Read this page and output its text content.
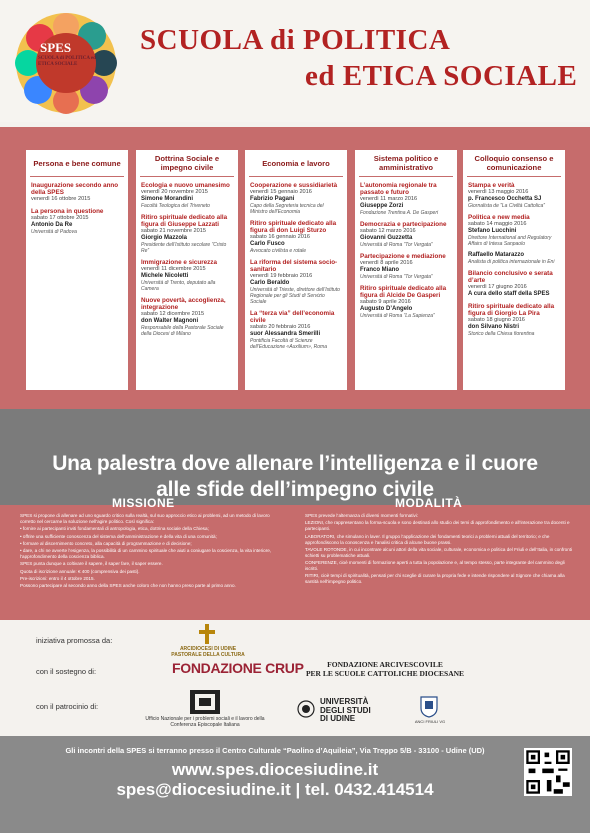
SPES
SCUOLA di POLITICA ed ETICA SOCIALE
SCUOLA di POLITICA
ed ETICA SOCIALE
Persona e bene comune
Inaugurazione secondo anno della SPES
venerdì 16 ottobre 2015
La persona in questione
sabato 17 ottobre 2015
Antonio Da Re
Università di Padova
Dottrina Sociale e impegno civile
Ecologia e nuovo umanesimo
venerdì 20 novembre 2015
Simone Morandini
Facoltà Teologica del Triveneto
Ritiro spirituale dedicato alla figura di Giuseppe Lazzati
sabato 21 novembre 2015
Giorgio Mazzola
Presidente dell’Istituto secolare “Cristo Re”
Immigrazione e sicurezza
venerdì 11 dicembre 2015
Michele Nicoletti
Università di Trento, deputato alla Camera
Nuove povertà, accoglienza, integrazione
sabato 12 dicembre 2015
don Walter Magnoni
Responsabile della Pastorale Sociale della Diocesi di Milano
Economia e lavoro
Cooperazione e sussidiarietà
venerdì 15 gennaio 2016
Fabrizio Pagani
Capo della Segreteria tecnica del Ministro dell’Economia
Ritiro spirituale dedicato alla figura di don Luigi Sturzo
sabato 16 gennaio 2016
Carlo Fusco
Avvocato civilista e rotale
La riforma del sistema socio-sanitario
venerdì 19 febbraio 2016
Carlo Beraldo
Università di Trieste, direttore dell’Istituto Regionale per gli Studi di Servizio Sociale
La “terza via” dell’economia civile
sabato 20 febbraio 2016
suor Alessandra Smerilli
Pontificia Facoltà di Scienze dell’Educazione «Auxilium», Roma
Sistema politico e amministrativo
L’autonomia regionale tra passato e futuro
venerdì 11 marzo 2016
Giuseppe Zorzi
Fondazione Trentina A. De Gasperi
Democrazia e partecipazione
sabato 12 marzo 2016
Giovanni Guzzetta
Università di Roma “Tor Vergata”
Partecipazione e mediazione
venerdì 8 aprile 2016
Franco Miano
Università di Roma “Tor Vergata”
Ritiro spirituale dedicato alla figura di Alcide De Gasperi
sabato 9 aprile 2016
Augusto D’Angelo
Università di Roma “La Sapienza”
Colloquio consenso e comunicazione
Stampa e verità
venerdì 13 maggio 2016
p. Francesco Occhetta SJ
Giornalista de “La Civiltà Cattolica”
Politica e new media
sabato 14 maggio 2016
Stefano Lucchini
Direttore International and Regulatory Affairs di Intesa Sanpaolo
Raffaello Matarazzo
Analista di politica internazionale in Eni
Bilancio conclusivo e serata d’arte
venerdì 17 giugno 2016
A cura dello staff della SPES
Ritiro spirituale dedicato alla figura di Giorgio La Pira
sabato 18 giugno 2016
don Silvano Nistri
Storico della Chiesa fiorentina
Una palestra dove allenare l’intelligenza e il cuore
alle sfide dell’impegno civile
MISSIONE	MODALITÀ

SPES si propone di allenare ad uno sguardo critico sulla realtà, sul suo approccio etico ai problemi, ad un metodo di lavoro corretto nel cercarne la soluzione nell’agire politico. Così significa:

• fornire ai partecipanti inviti fondamentali di antropologia, etica, dottrina sociale della Chiesa;

• offrire una sufficiente conoscenza del sistema dell’amministrazione e della vita di una comunità;

• formare al discernimento concreto, alla capacità di programmazione e di decisione;

• dare, a chi ne avverte l’esigenza, la possibilità di un cammino spirituale che aiuti a coniugare la coscienza, la vita interiore, l’approfondimento della coscienza biblica.

SPES punta dunque a coltivare il sapere, il saper fare, il saper essere.

Quota di iscrizione annuale: € 400 (comprensiva dei pasti).

Pre-iscrizioni: entro il 4 ottobre 2015.

Possono partecipare al secondo anno della SPES anche coloro che non hanno preso parte al primo anno.

SPES prevede l’alternanza di diversi momenti formativi:

LEZIONI, che rappresentano la forma-scuola e sono destinati allo studio dei temi di approfondimento e all’interazione tra docenti e partecipanti.

LABORATORI, che simulano in laver. Il gruppo l’applicazione dei fondamenti teorici a problemi attuali del territorio; e che approfondiscono la conoscenza e l’analisi critica di alcune buone prassi.

TAVOLE ROTONDE, in cui incontrare alcuni attori della vita sociale, culturale, economica e politica del Friuli e dell’Italia, in confronti schietti su problematiche attuali.

CONFERENZE, cioè momenti di formazione aperti a tutta la popolazione e, al tempo stesso, parte integrante del cammino degli iscritti.

RITIRI, cioè tempi di spiritualità, pensati per chi sceglie di curare la propria fede e intende rispondere al Signore che chiama alla santità nell’impegno politico.

iniziativa promossa da:
ARCIDIOCESI DI UDINE PASTORALE DELLA CULTURA
con il sostegno di:	FONDAZIONE CRUP	FONDAZIONE ARCIVESCOVILE
PER LE SCUOLE CATTOLICHE DIOCESANE
con il patrocinio di:
Ufficio Nazionale per i problemi sociali e il lavoro della Conferenza Episcopale Italiana
UNIVERSITÀ
DEGLI STUDI
DI UDINE	ANCI FRIULI VG
Gli incontri della SPES si terranno presso il Centro Culturale “Paolino d’Aquileia”, Via Treppo 5/B - 33100 - Udine (UD)
www.spes.diocesiudine.it
spes@diocesiudine.it | tel. 0432.414514
